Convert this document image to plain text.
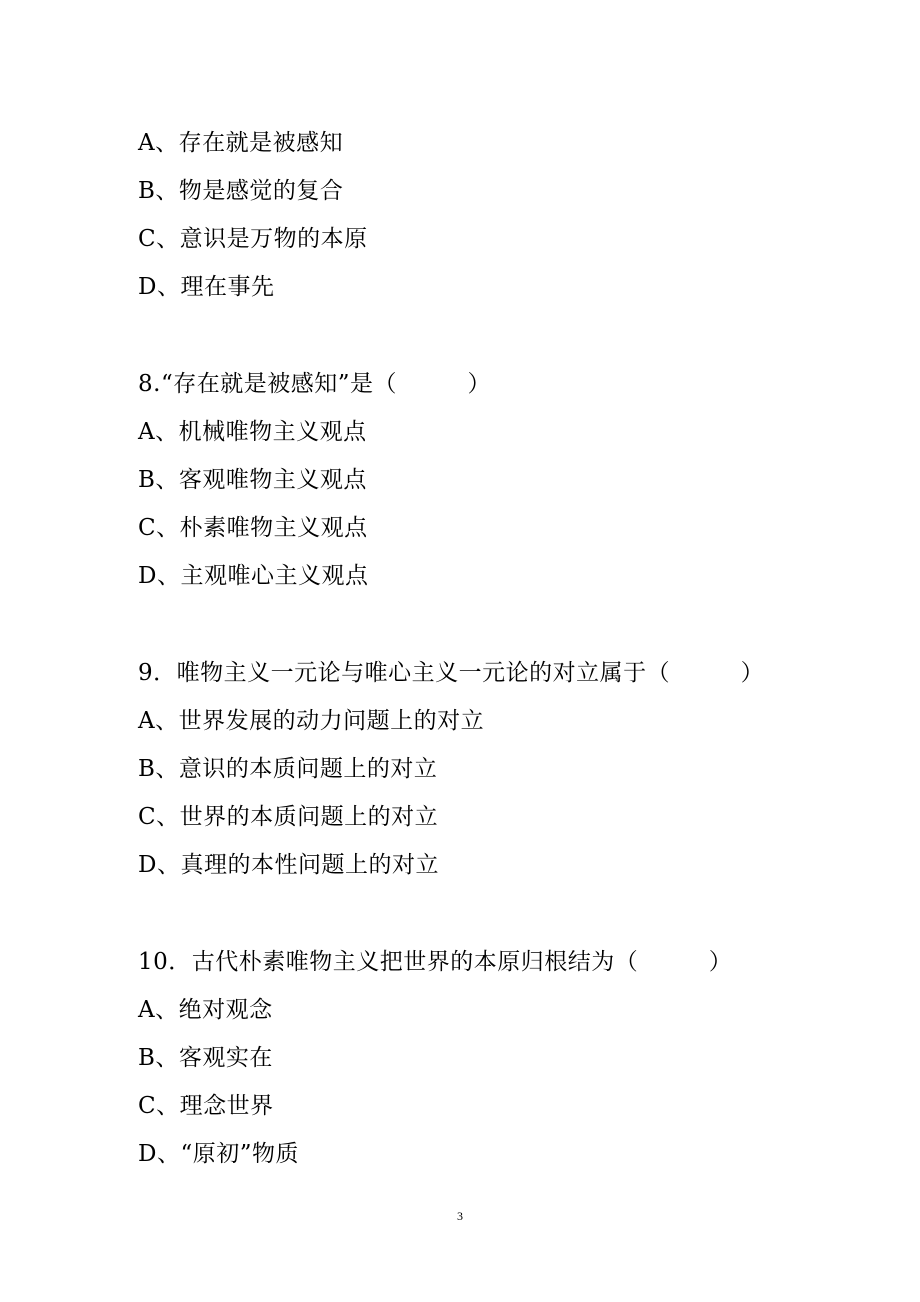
A、存在就是被感知
B、物是感觉的复合
C、意识是万物的本原
D、理在事先
8.“存在就是被感知”是（　　　）
A、机械唯物主义观点
B、客观唯物主义观点
C、朴素唯物主义观点
D、主观唯心主义观点
9．唯物主义一元论与唯心主义一元论的对立属于（　　　）
A、世界发展的动力问题上的对立
B、意识的本质问题上的对立
C、世界的本质问题上的对立
D、真理的本性问题上的对立
10．古代朴素唯物主义把世界的本原归根结为（　　　）
A、绝对观念
B、客观实在
C、理念世界
D、“原初”物质
3
